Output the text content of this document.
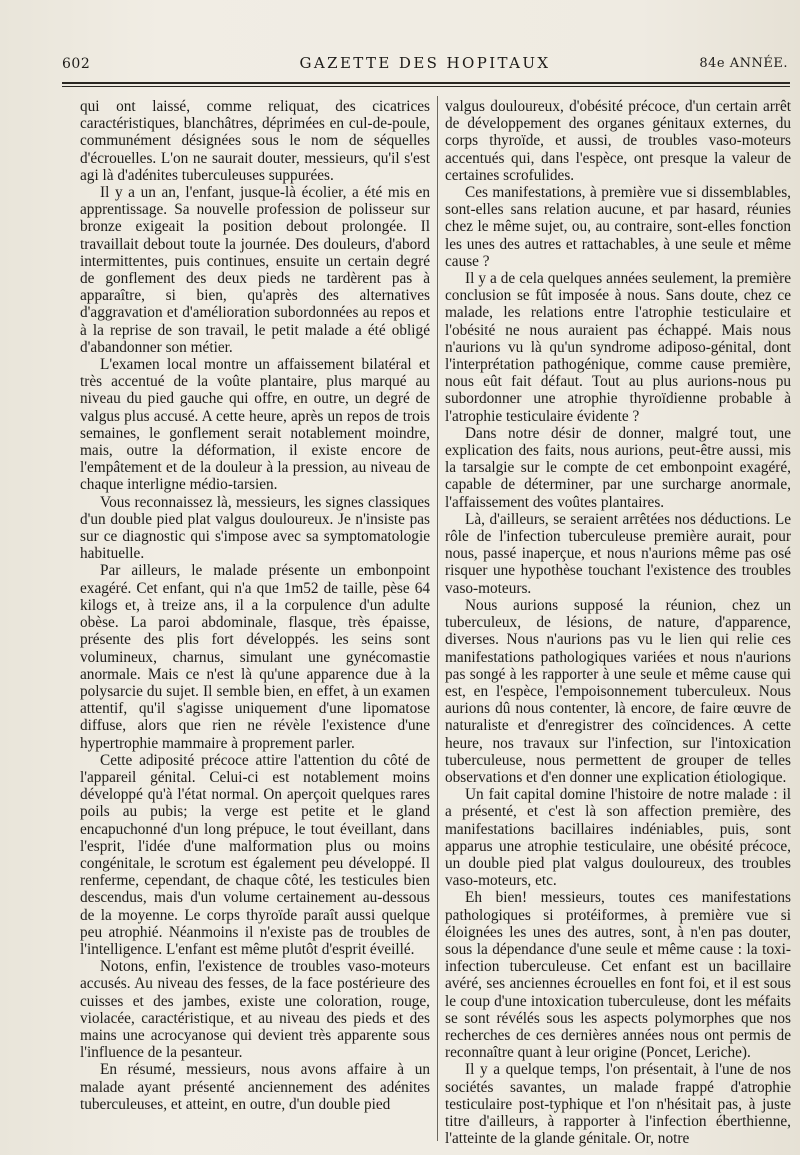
602	GAZETTE DES HOPITAUX	84e ANNÉE.

qui ont laissé, comme reliquat, des cicatrices caractéristiques, blanchâtres, déprimées en cul-de-poule, communément désignées sous le nom de séquelles d'écrouelles. L'on ne saurait douter, messieurs, qu'il s'est agi là d'adénites tuberculeuses suppurées.

Il y a un an, l'enfant, jusque-là écolier, a été mis en apprentissage. Sa nouvelle profession de polisseur sur bronze exigeait la position debout prolongée. Il travaillait debout toute la journée. Des douleurs, d'abord intermittentes, puis continues, ensuite un certain degré de gonflement des deux pieds ne tardèrent pas à apparaître, si bien, qu'après des alternatives d'aggravation et d'amélioration subordonnées au repos et à la reprise de son travail, le petit malade a été obligé d'abandonner son métier.

L'examen local montre un affaissement bilatéral et très accentué de la voûte plantaire, plus marqué au niveau du pied gauche qui offre, en outre, un degré de valgus plus accusé. A cette heure, après un repos de trois semaines, le gonflement serait notablement moindre, mais, outre la déformation, il existe encore de l'empâtement et de la douleur à la pression, au niveau de chaque interligne médio-tarsien.

Vous reconnaissez là, messieurs, les signes classiques d'un double pied plat valgus douloureux. Je n'insiste pas sur ce diagnostic qui s'impose avec sa symptomatologie habituelle.

Par ailleurs, le malade présente un embonpoint exagéré. Cet enfant, qui n'a que 1m52 de taille, pèse 64 kilogs et, à treize ans, il a la corpulence d'un adulte obèse. La paroi abdominale, flasque, très épaisse, présente des plis fort développés. les seins sont volumineux, charnus, simulant une gynécomastie anormale. Mais ce n'est là qu'une apparence due à la polysarcie du sujet. Il semble bien, en effet, à un examen attentif, qu'il s'agisse uniquement d'une lipomatose diffuse, alors que rien ne révèle l'existence d'une hypertrophie mammaire à proprement parler.

Cette adiposité précoce attire l'attention du côté de l'appareil génital. Celui-ci est notablement moins développé qu'à l'état normal. On aperçoit quelques rares poils au pubis; la verge est petite et le gland encapuchonné d'un long prépuce, le tout éveillant, dans l'esprit, l'idée d'une malformation plus ou moins congénitale, le scrotum est également peu développé. Il renferme, cependant, de chaque côté, les testicules bien descendus, mais d'un volume certainement au-dessous de la moyenne. Le corps thyroïde paraît aussi quelque peu atrophié. Néanmoins il n'existe pas de troubles de l'intelligence. L'enfant est même plutôt d'esprit éveillé.

Notons, enfin, l'existence de troubles vaso-moteurs accusés. Au niveau des fesses, de la face postérieure des cuisses et des jambes, existe une coloration, rouge, violacée, caractéristique, et au niveau des pieds et des mains une acrocyanose qui devient très apparente sous l'influence de la pesanteur.

En résumé, messieurs, nous avons affaire à un malade ayant présenté anciennement des adénites tuberculeuses, et atteint, en outre, d'un double pied

valgus douloureux, d'obésité précoce, d'un certain arrêt de développement des organes génitaux externes, du corps thyroïde, et aussi, de troubles vaso-moteurs accentués qui, dans l'espèce, ont presque la valeur de certaines scrofulides.

Ces manifestations, à première vue si dissemblables, sont-elles sans relation aucune, et par hasard, réunies chez le même sujet, ou, au contraire, sont-elles fonction les unes des autres et rattachables, à une seule et même cause ?

Il y a de cela quelques années seulement, la première conclusion se fût imposée à nous. Sans doute, chez ce malade, les relations entre l'atrophie testiculaire et l'obésité ne nous auraient pas échappé. Mais nous n'aurions vu là qu'un syndrome adiposo-génital, dont l'interprétation pathogénique, comme cause première, nous eût fait défaut. Tout au plus aurions-nous pu subordonner une atrophie thyroïdienne probable à l'atrophie testiculaire évidente ?

Dans notre désir de donner, malgré tout, une explication des faits, nous aurions, peut-être aussi, mis la tarsalgie sur le compte de cet embonpoint exagéré, capable de déterminer, par une surcharge anormale, l'affaissement des voûtes plantaires.

Là, d'ailleurs, se seraient arrêtées nos déductions. Le rôle de l'infection tuberculeuse première aurait, pour nous, passé inaperçue, et nous n'aurions même pas osé risquer une hypothèse touchant l'existence des troubles vaso-moteurs.

Nous aurions supposé la réunion, chez un tuberculeux, de lésions, de nature, d'apparence, diverses. Nous n'aurions pas vu le lien qui relie ces manifestations pathologiques variées et nous n'aurions pas songé à les rapporter à une seule et même cause qui est, en l'espèce, l'empoisonnement tuberculeux. Nous aurions dû nous contenter, là encore, de faire œuvre de naturaliste et d'enregistrer des coïncidences. A cette heure, nos travaux sur l'infection, sur l'intoxication tuberculeuse, nous permettent de grouper de telles observations et d'en donner une explication étiologique.

Un fait capital domine l'histoire de notre malade : il a présenté, et c'est là son affection première, des manifestations bacillaires indéniables, puis, sont apparus une atrophie testiculaire, une obésité précoce, un double pied plat valgus douloureux, des troubles vaso-moteurs, etc.

Eh bien! messieurs, toutes ces manifestations pathologiques si protéiformes, à première vue si éloignées les unes des autres, sont, à n'en pas douter, sous la dépendance d'une seule et même cause : la toxi-infection tuberculeuse. Cet enfant est un bacillaire avéré, ses anciennes écrouelles en font foi, et il est sous le coup d'une intoxication tuberculeuse, dont les méfaits se sont révélés sous les aspects polymorphes que nos recherches de ces dernières années nous ont permis de reconnaître quant à leur origine (Poncet, Leriche).

Il y a quelque temps, l'on présentait, à l'une de nos sociétés savantes, un malade frappé d'atrophie testiculaire post-typhique et l'on n'hésitait pas, à juste titre d'ailleurs, à rapporter à l'infection éberthienne, l'atteinte de la glande génitale. Or, notre
